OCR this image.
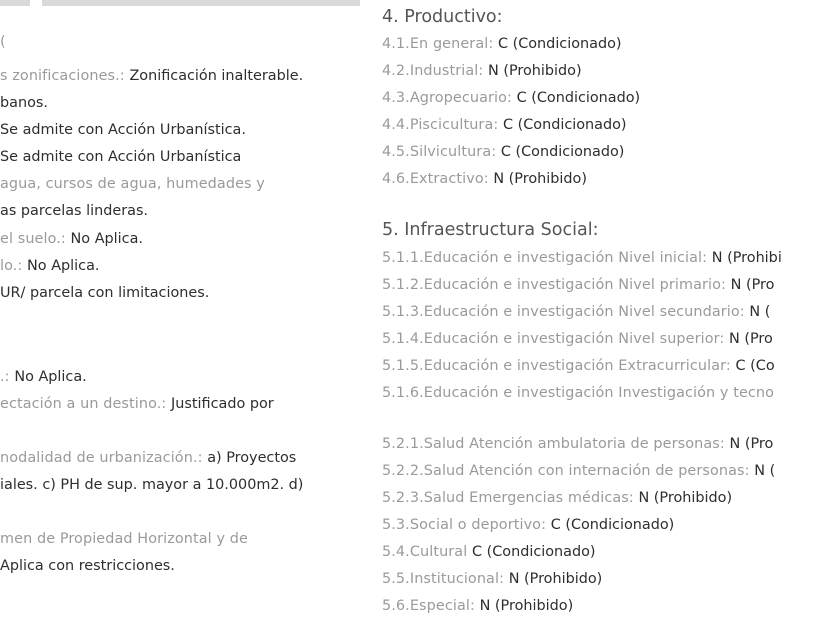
(
s zonificaciones.: Zonificación inalterable.
banos.
Se admite con Acción Urbanística.
Se admite con Acción Urbanística
agua, cursos de agua, humedades y
as parcelas linderas.
el suelo.: No Aplica.
lo.: No Aplica.
UR/ parcela con limitaciones.
.: No Aplica.
ectación a un destino.: Justificado por
nodalidad de urbanización.: a) Proyectos
iales. c) PH de sup. mayor a 10.000m2. d)
men de Propiedad Horizontal y de
Aplica con restricciones.
4. Productivo:
4.1.En general: C (Condicionado)
4.2.Industrial: N (Prohibido)
4.3.Agropecuario: C (Condicionado)
4.4.Piscicultura: C (Condicionado)
4.5.Silvicultura: C (Condicionado)
4.6.Extractivo: N (Prohibido)
5. Infraestructura Social:
5.1.1.Educación e investigación Nivel inicial: N (Prohibi
5.1.2.Educación e investigación Nivel primario: N (Pro
5.1.3.Educación e investigación Nivel secundario: N (
5.1.4.Educación e investigación Nivel superior: N (Pro
5.1.5.Educación e investigación Extracurricular: C (Co
5.1.6.Educación e investigación Investigación y tecno
5.2.1.Salud Atención ambulatoria de personas: N (Pro
5.2.2.Salud Atención con internación de personas: N (
5.2.3.Salud Emergencias médicas: N (Prohibido)
5.3.Social o deportivo: C (Condicionado)
5.4.Cultural C (Condicionado)
5.5.Institucional: N (Prohibido)
5.6.Especial: N (Prohibido)
